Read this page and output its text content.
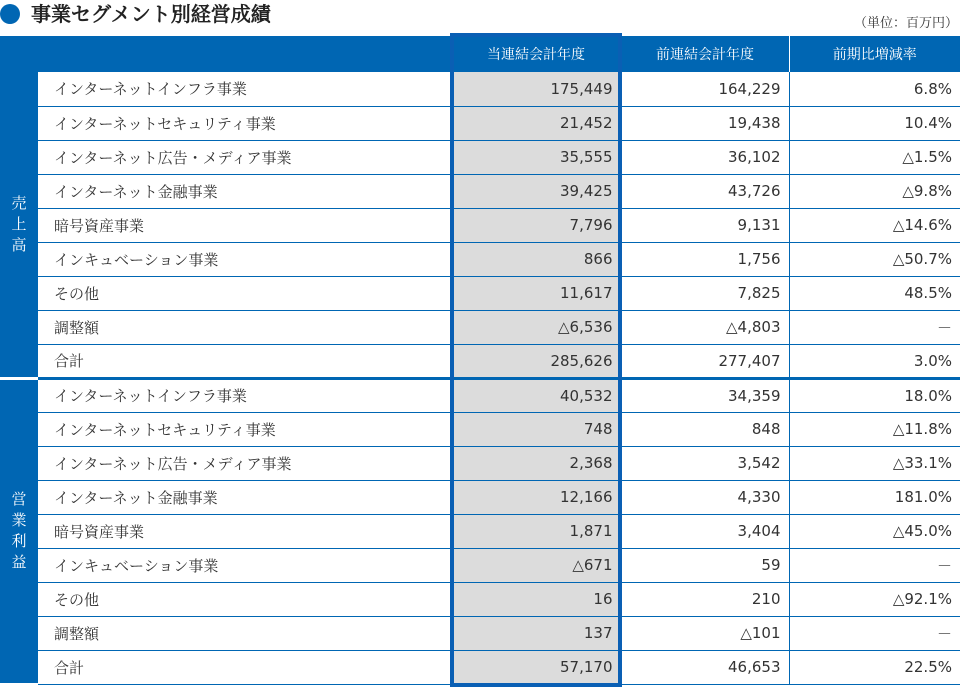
事業セグメント別経営成績	（単位：百万円）
		当連結会計年度	前連結会計年度	前期比増減率
売上高	インターネットインフラ事業	175,449	164,229	6.8%
	インターネットセキュリティ事業	21,452	19,438	10.4%
	インターネット広告・メディア事業	35,555	36,102	△1.5%
	インターネット金融事業	39,425	43,726	△9.8%
	暗号資産事業	7,796	9,131	△14.6%
	インキュベーション事業	866	1,756	△50.7%
	その他	11,617	7,825	48.5%
	調整額	△6,536	△4,803	－
	合計	285,626	277,407	3.0%
営業利益	インターネットインフラ事業	40,532	34,359	18.0%
	インターネットセキュリティ事業	748	848	△11.8%
	インターネット広告・メディア事業	2,368	3,542	△33.1%
	インターネット金融事業	12,166	4,330	181.0%
	暗号資産事業	1,871	3,404	△45.0%
	インキュベーション事業	△671	59	－
	その他	16	210	△92.1%
	調整額	137	△101	－
	合計	57,170	46,653	22.5%
